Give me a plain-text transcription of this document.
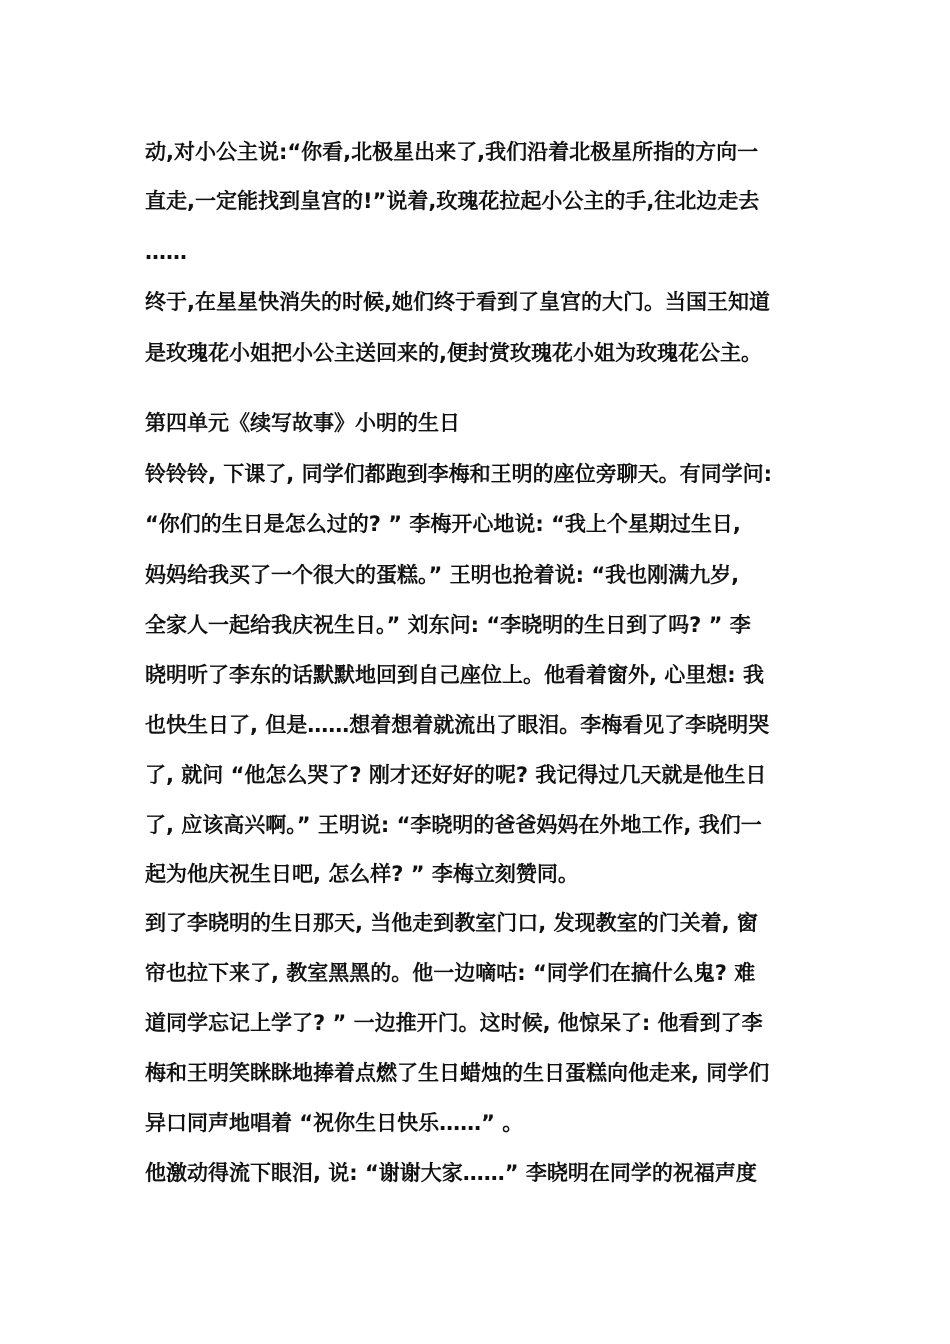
动,对小公主说:“你看,北极星出来了,我们沿着北极星所指的方向一
直走,一定能找到皇宫的!”说着,玫瑰花拉起小公主的手,往北边走去
……
终于,在星星快消失的时候,她们终于看到了皇宫的大门。当国王知道
是玫瑰花小姐把小公主送回来的,便封赏玫瑰花小姐为玫瑰花公主。
第四单元《续写故事》小明的生日
铃铃铃, 下课了, 同学们都跑到李梅和王明的座位旁聊天。有同学问:
“你们的生日是怎么过的? ” 李梅开心地说: “我上个星期过生日,
妈妈给我买了一个很大的蛋糕。” 王明也抢着说: “我也刚满九岁,
全家人一起给我庆祝生日。” 刘东问: “李晓明的生日到了吗? ” 李
晓明听了李东的话默默地回到自己座位上。他看着窗外, 心里想: 我
也快生日了, 但是……想着想着就流出了眼泪。李梅看见了李晓明哭
了, 就问 “他怎么哭了? 刚才还好好的呢? 我记得过几天就是他生日
了, 应该高兴啊。” 王明说: “李晓明的爸爸妈妈在外地工作, 我们一
起为他庆祝生日吧, 怎么样? ” 李梅立刻赞同。
到了李晓明的生日那天, 当他走到教室门口, 发现教室的门关着, 窗
帘也拉下来了, 教室黑黑的。他一边嘀咕: “同学们在搞什么鬼? 难
道同学忘记上学了? ” 一边推开门。这时候, 他惊呆了: 他看到了李
梅和王明笑眯眯地捧着点燃了生日蜡烛的生日蛋糕向他走来, 同学们
异口同声地唱着 “祝你生日快乐……” 。
他激动得流下眼泪, 说: “谢谢大家……” 李晓明在同学的祝福声度
